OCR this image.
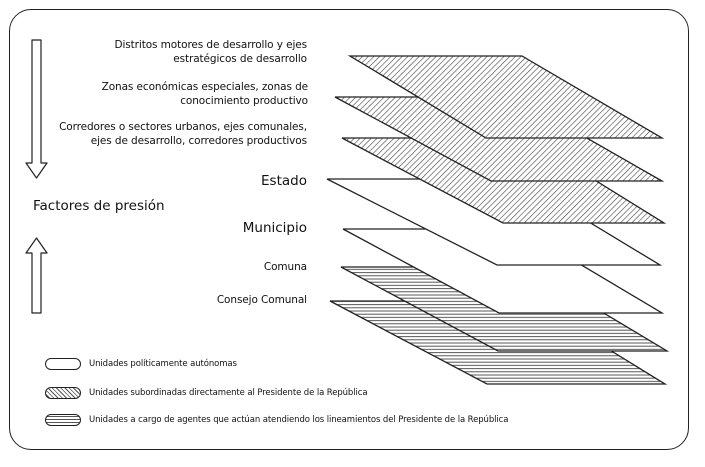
Distritos motores de desarrollo y ejes
estratégicos de desarrollo
Zonas económicas especiales, zonas de
conocimiento productivo
Corredores o sectores urbanos, ejes comunales,
ejes de desarrollo, corredores productivos
Estado
Factores de presión
Municipio
Comuna
Consejo Comunal
Unidades políticamente autónomas
Unidades subordinadas directamente al Presidente de la República
Unidades a cargo de agentes que actúan atendiendo los lineamientos del Presidente de la República
